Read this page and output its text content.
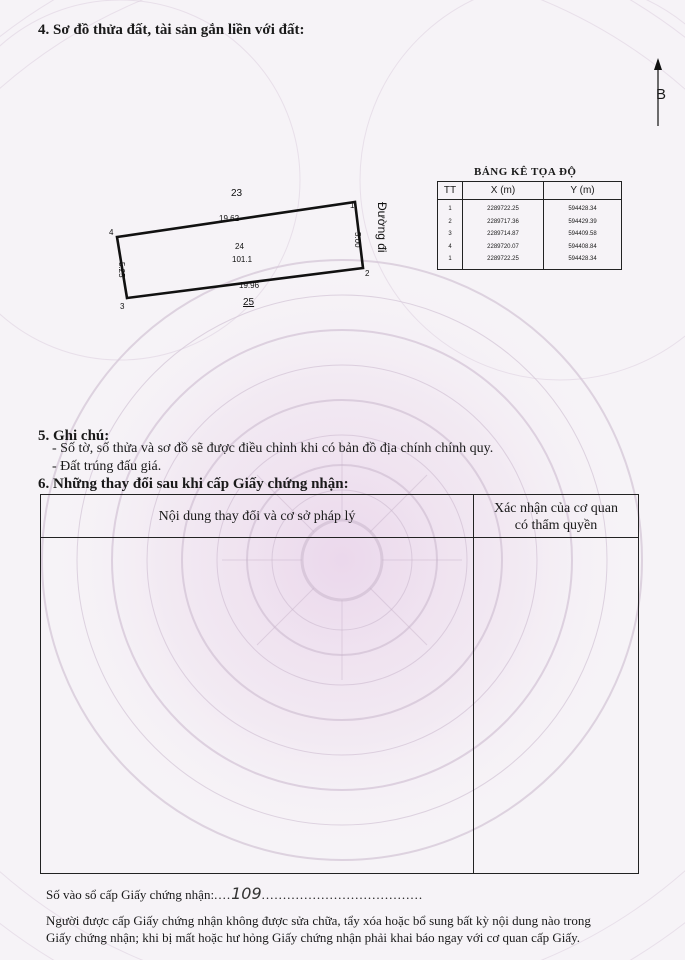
4. Sơ đồ thửa đất, tài sản gắn liền với đất:
B
23
19.62
24
101.1
19.96
25
5.25
5.00 Đường đi
1
2
3
4
BẢNG KÊ TỌA ĐỘ
TT	X (m)	Y (m)
1	2289722.25	594428.34
2	2289717.36	594429.39
3	2289714.87	594409.58
4	2289720.07	594408.84
1	2289722.25	594428.34
5. Ghi chú:
- Số tờ, số thửa và sơ đồ sẽ được điều chỉnh khi có bản đồ địa chính chính quy.
- Đất trúng đấu giá.
6. Những thay đổi sau khi cấp Giấy chứng nhận:
Nội dung thay đổi và cơ sở pháp lý
Xác nhận của cơ quan
có thẩm quyền
Số vào sổ cấp Giấy chứng nhận:....109......................................
Người được cấp Giấy chứng nhận không được sửa chữa, tẩy xóa hoặc bổ sung bất kỳ nội dung nào trong
Giấy chứng nhận; khi bị mất hoặc hư hỏng Giấy chứng nhận phải khai báo ngay với cơ quan cấp Giấy.
